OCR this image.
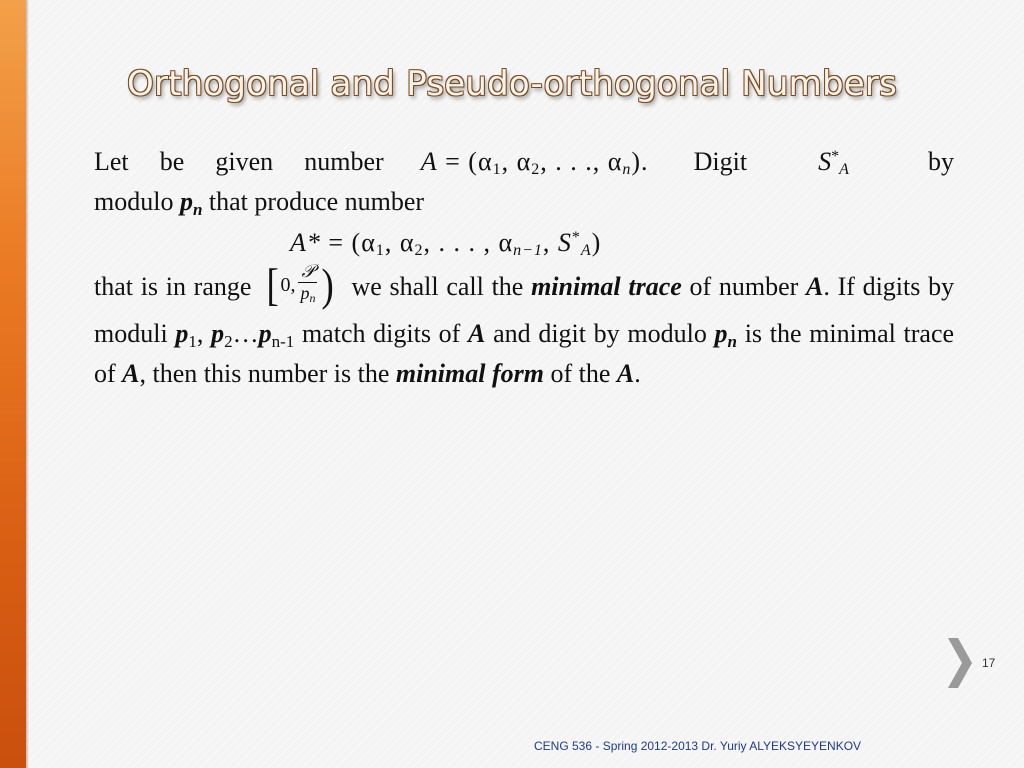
Orthogonal and Pseudo-orthogonal Numbers

Let be given number $A = (\alpha_1$, $\alpha_2$, . . ., $\alpha_n$). Digit	$S^*_A$	by

modulo $p_n$ that produce number

$A* = (\alpha_1$, $\alpha_2$, . . . , $\alpha_{n-1}$, $S^*_A$)

that is in range [ 0, $\frac{\text{𝒫}}{p_n}$ ) we shall call the minimal trace of number A. If digits by moduli $p_1$, $p_2\dots p_{n-1}$ match digits of A and digit by modulo $p_n$ is the minimal trace of A, then this number is the minimal form of the A.

17
CENG 536 - Spring 2012-2013 Dr. Yuriy ALYEKSYEYENKOV
